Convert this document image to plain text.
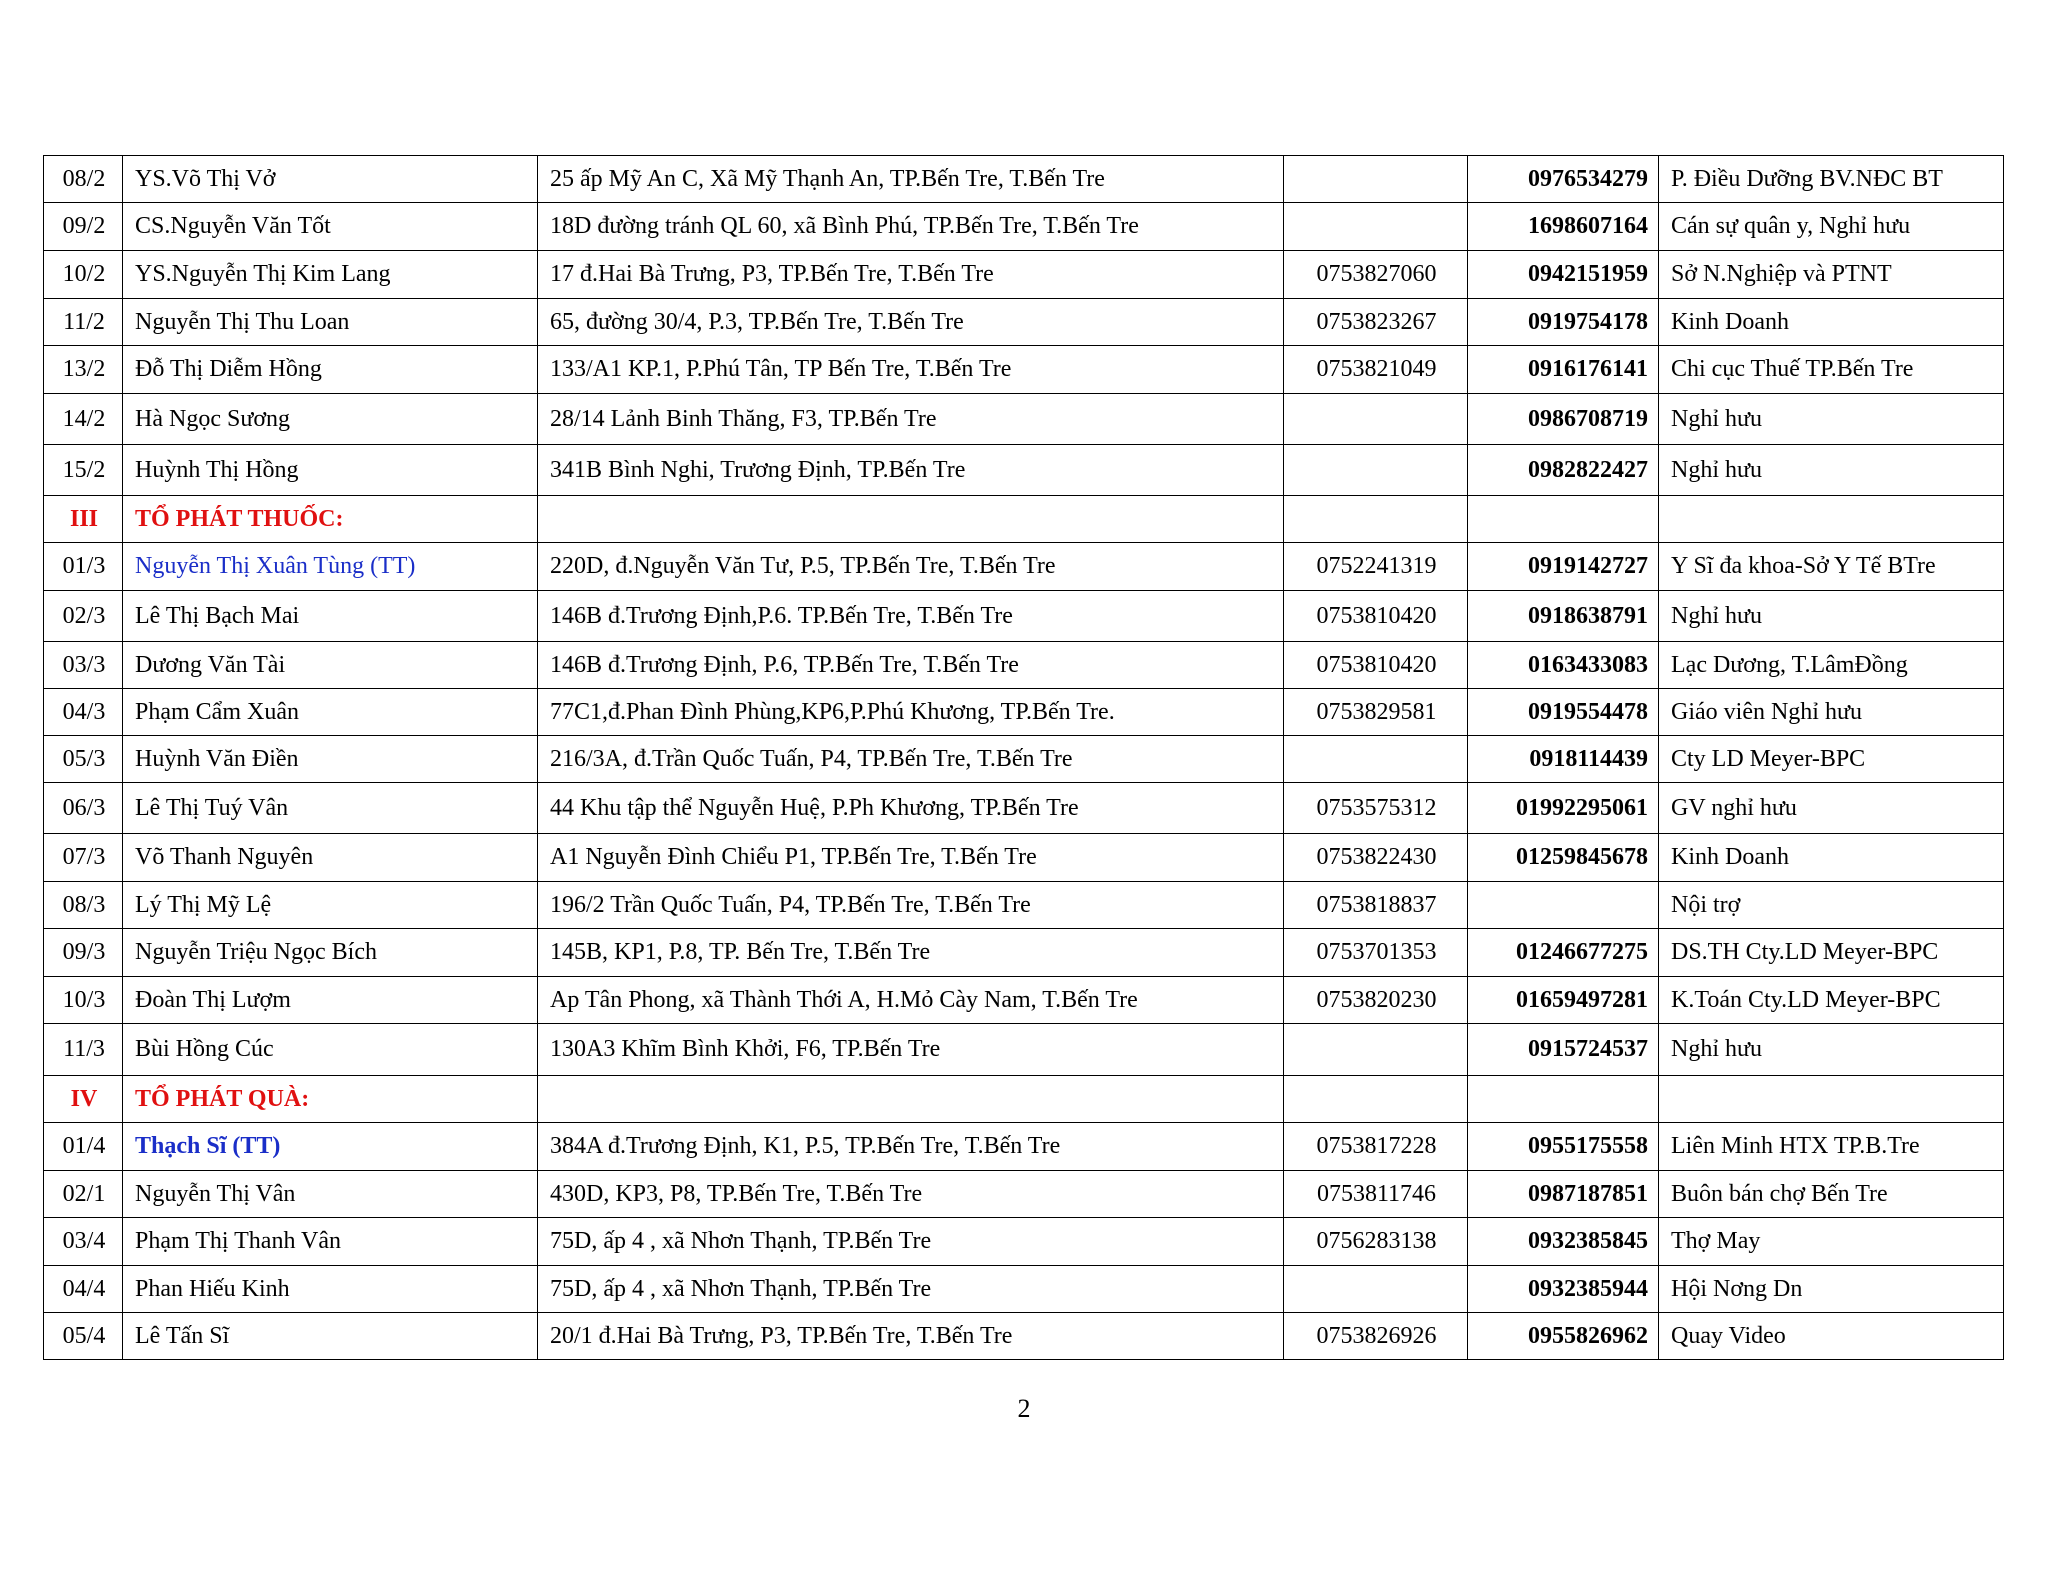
08/2	YS.Võ Thị Vở	25 ấp Mỹ An C, Xã Mỹ Thạnh An, TP.Bến Tre, T.Bến Tre		0976534279	P. Điều Dưỡng BV.NĐC BT
09/2	CS.Nguyễn Văn Tốt	18D đường tránh QL 60, xã Bình Phú, TP.Bến Tre, T.Bến Tre		1698607164	Cán sự quân y, Nghỉ hưu
10/2	YS.Nguyễn Thị Kim Lang	17 đ.Hai Bà Trưng, P3, TP.Bến Tre, T.Bến Tre	0753827060	0942151959	Sở N.Nghiệp và PTNT
11/2	Nguyễn Thị Thu Loan	65, đường 30/4, P.3, TP.Bến Tre, T.Bến Tre	0753823267	0919754178	Kinh Doanh
13/2	Đỗ Thị Diễm Hồng	133/A1 KP.1, P.Phú Tân, TP Bến Tre, T.Bến Tre	0753821049	0916176141	Chi cục Thuế TP.Bến Tre
14/2	Hà Ngọc Sương	28/14 Lảnh Binh Thăng, F3, TP.Bến Tre		0986708719	Nghỉ hưu
15/2	Huỳnh Thị Hồng	341B Bình Nghi, Trương Định, TP.Bến Tre		0982822427	Nghỉ hưu
III	TỔ PHÁT THUỐC:				
01/3	Nguyễn Thị Xuân Tùng (TT)	220D, đ.Nguyễn Văn Tư, P.5, TP.Bến Tre, T.Bến Tre	0752241319	0919142727	Y Sĩ đa khoa-Sở Y Tế BTre
02/3	Lê Thị Bạch Mai	146B đ.Trương Định,P.6. TP.Bến Tre, T.Bến Tre	0753810420	0918638791	Nghỉ hưu
03/3	Dương Văn Tài	146B đ.Trương Định, P.6, TP.Bến Tre, T.Bến Tre	0753810420	0163433083	Lạc Dương, T.LâmĐồng
04/3	Phạm Cẩm Xuân	77C1,đ.Phan Đình Phùng,KP6,P.Phú Khương, TP.Bến Tre.	0753829581	0919554478	Giáo viên Nghỉ hưu
05/3	Huỳnh Văn Điền	216/3A, đ.Trần Quốc Tuấn, P4, TP.Bến Tre, T.Bến Tre		0918114439	Cty LD Meyer-BPC
06/3	Lê Thị Tuý Vân	44 Khu tập thể Nguyễn Huệ, P.Ph Khương, TP.Bến Tre	0753575312	01992295061	GV nghỉ hưu
07/3	Võ Thanh Nguyên	A1 Nguyễn Đình Chiểu P1, TP.Bến Tre, T.Bến Tre	0753822430	01259845678	Kinh Doanh
08/3	Lý Thị Mỹ Lệ	196/2 Trần Quốc Tuấn, P4, TP.Bến Tre, T.Bến Tre	0753818837		Nội trợ
09/3	Nguyễn Triệu Ngọc Bích	145B, KP1, P.8, TP. Bến Tre, T.Bến Tre	0753701353	01246677275	DS.TH Cty.LD Meyer-BPC
10/3	Đoàn Thị Lượm	Ap Tân Phong, xã Thành Thới A, H.Mỏ Cày Nam, T.Bến Tre	0753820230	01659497281	K.Toán Cty.LD Meyer-BPC
11/3	Bùi Hồng Cúc	130A3 Khĩm Bình Khởi, F6, TP.Bến Tre		0915724537	Nghỉ hưu
IV	TỔ PHÁT QUÀ:				
01/4	Thạch Sĩ (TT)	384A đ.Trương Định, K1, P.5, TP.Bến Tre, T.Bến Tre	0753817228	0955175558	Liên Minh HTX TP.B.Tre
02/1	Nguyễn Thị Vân	430D, KP3, P8, TP.Bến Tre, T.Bến Tre	0753811746	0987187851	Buôn bán chợ Bến Tre
03/4	Phạm Thị Thanh Vân	75D, ấp 4 , xã Nhơn Thạnh, TP.Bến Tre	0756283138	0932385845	Thợ May
04/4	Phan Hiếu Kinh	75D, ấp 4 , xã Nhơn Thạnh, TP.Bến Tre		0932385944	Hội Nơng Dn
05/4	Lê Tấn Sĩ	20/1 đ.Hai Bà Trưng, P3, TP.Bến Tre, T.Bến Tre	0753826926	0955826962	Quay Video
2
